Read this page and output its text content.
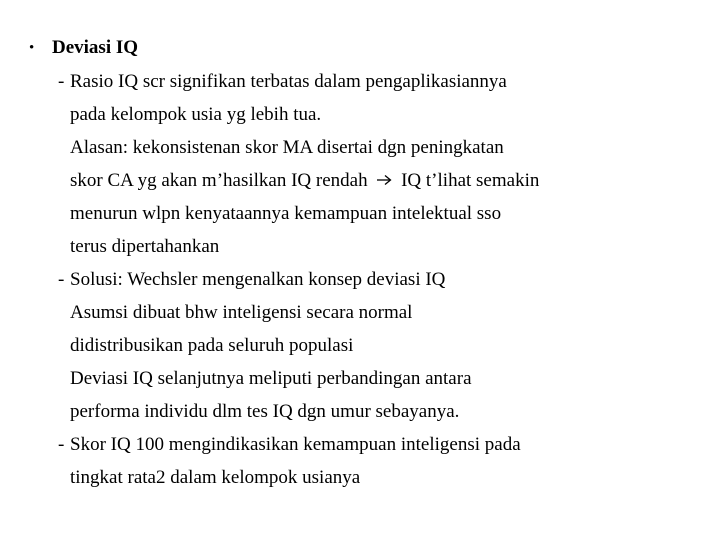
• Deviasi IQ
- Rasio IQ scr signifikan terbatas dalam pengaplikasiannya
pada kelompok usia yg lebih tua.
Alasan: kekonsistenan skor MA disertai dgn peningkatan
skor CA yg akan m’hasilkan IQ rendah IQ t’lihat semakin
menurun wlpn kenyataannya kemampuan intelektual sso
terus dipertahankan
- Solusi: Wechsler mengenalkan konsep deviasi IQ
Asumsi dibuat bhw inteligensi secara normal
didistribusikan pada seluruh populasi
Deviasi IQ selanjutnya meliputi perbandingan antara
performa individu dlm tes IQ dgn umur sebayanya.
- Skor IQ 100 mengindikasikan kemampuan inteligensi pada
tingkat rata2 dalam kelompok usianya
